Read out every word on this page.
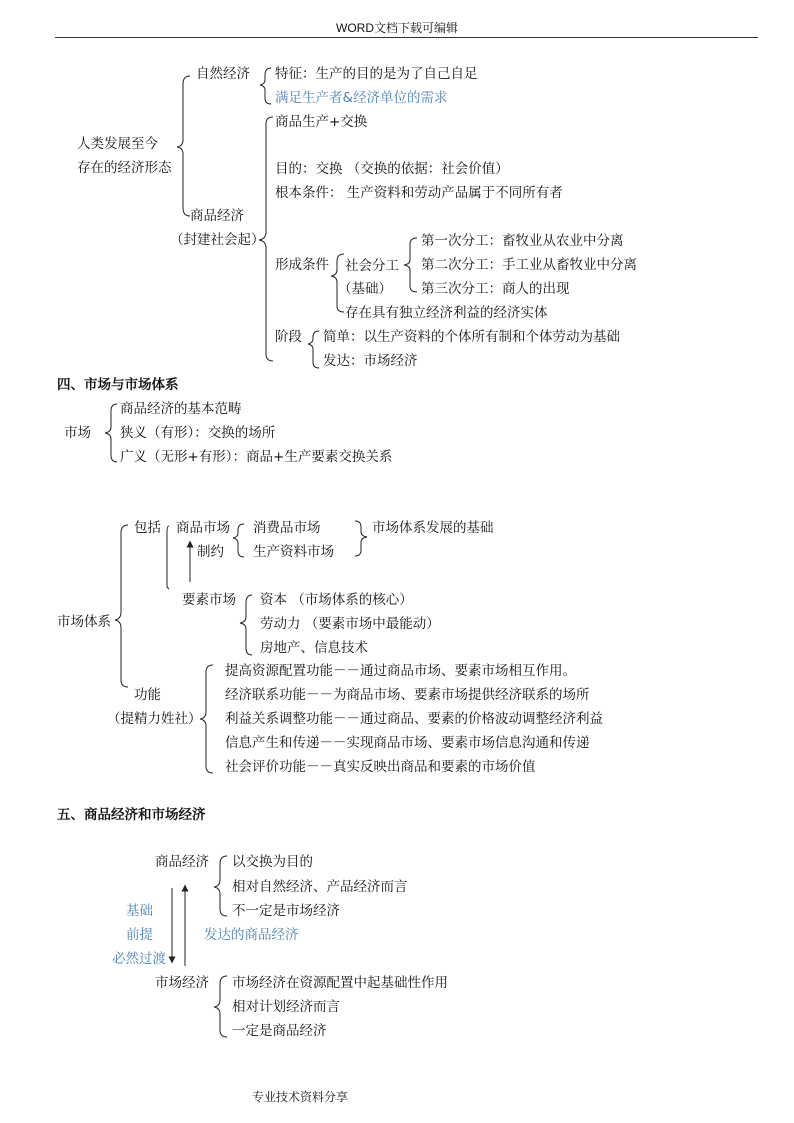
WORD文档下载可编辑
专业技术资料分享
人类发展至今
存在的经济形态
自然经济 特征：生产的目的是为了自己自足
满足生产者&经济单位的需求
商品经济
（封建社会起）
商品生产+交换
目的：交换 （交换的依据：社会价值）
根本条件： 生产资料和劳动产品属于不同所有者
形成条件 社会分工
（基础）
第一次分工：畜牧业从农业中分离
第二次分工：手工业从畜牧业中分离
第三次分工：商人的出现
存在具有独立经济利益的经济实体
阶段 简单：以生产资料的个体所有制和个体劳动为基础
发达：市场经济
四、市场与市场体系
市场
商品经济的基本范畴
狭义（有形）：交换的场所
广义（无形+有形）：商品+生产要素交换关系
市场体系
包括 商品市场
制约
消费品市场
生产资料市场
市场体系发展的基础
要素市场 资本 （市场体系的核心）
劳动力 （要素市场中最能动）
房地产、信息技术
功能
（提精力姓社）
提高资源配置功能－－通过商品市场、要素市场相互作用。
经济联系功能－－为商品市场、要素市场提供经济联系的场所
利益关系调整功能－－通过商品、要素的价格波动调整经济利益
信息产生和传递－－实现商品市场、要素市场信息沟通和传递
社会评价功能－－真实反映出商品和要素的市场价值
五、商品经济和市场经济
商品经济 以交换为目的
相对自然经济、产品经济而言
不一定是市场经济
基础
前提
必然过渡
发达的商品经济
市场经济 市场经济在资源配置中起基础性作用
相对计划经济而言
一定是商品经济
